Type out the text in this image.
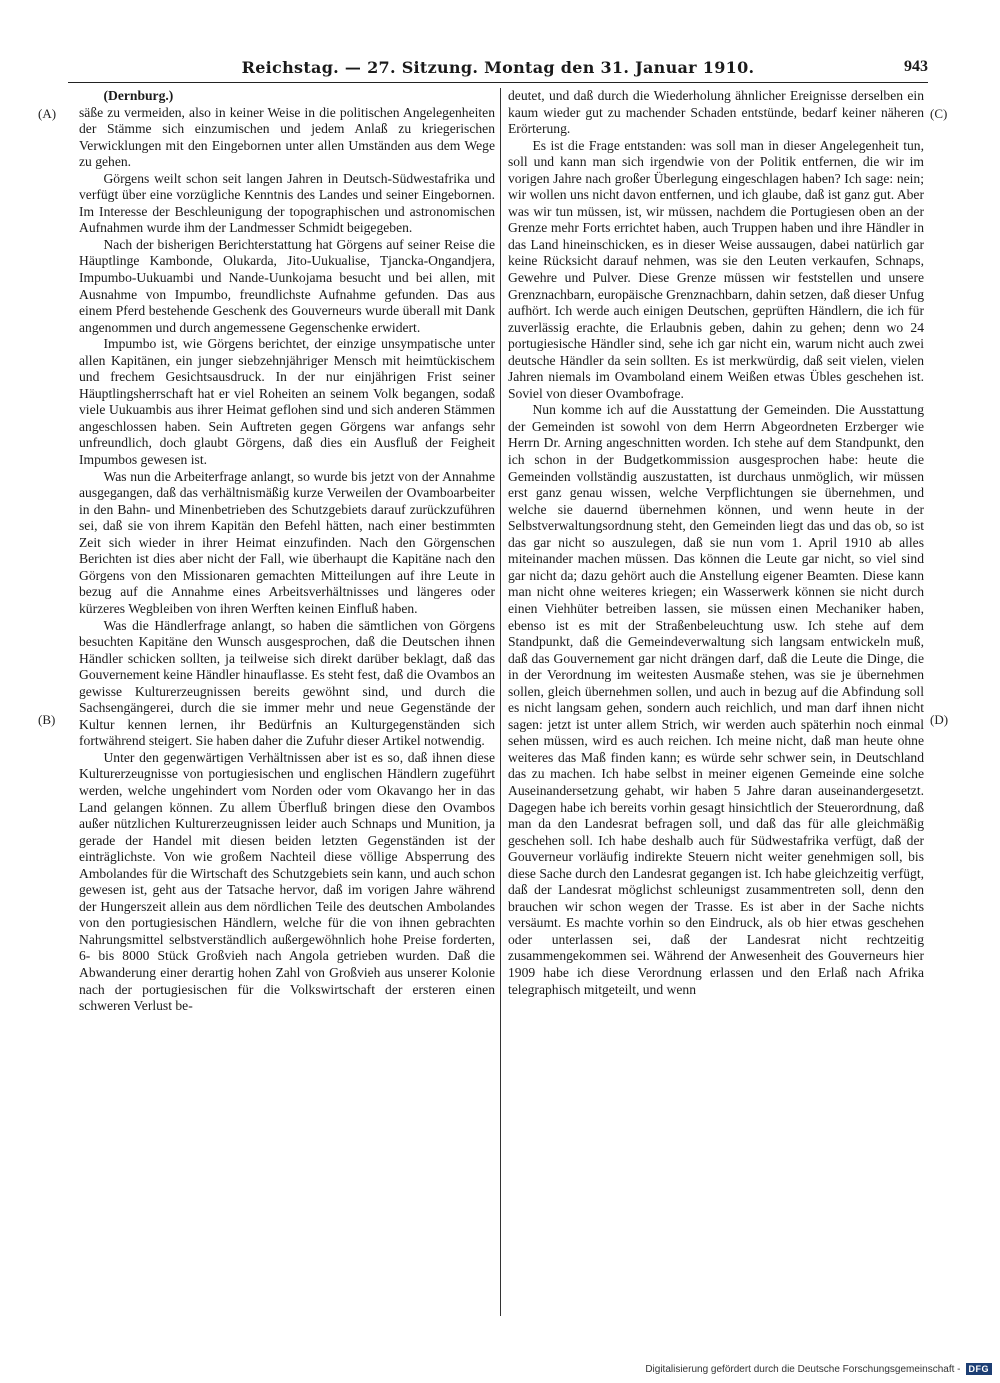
Reichstag. — 27. Sitzung. Montag den 31. Januar 1910.	943
(A)
(B)
(C)
(D)

(Dernburg.)

säße zu vermeiden, also in keiner Weise in die politischen Angelegenheiten der Stämme sich einzumischen und jedem Anlaß zu kriegerischen Verwicklungen mit den Eingebornen unter allen Umständen aus dem Wege zu gehen.

Görgens weilt schon seit langen Jahren in Deutsch-Südwestafrika und verfügt über eine vorzügliche Kenntnis des Landes und seiner Eingebornen. Im Interesse der Beschleunigung der topographischen und astronomischen Aufnahmen wurde ihm der Landmesser Schmidt beigegeben.

Nach der bisherigen Berichterstattung hat Görgens auf seiner Reise die Häuptlinge Kambonde, Olukarda, Jito-Uukualise, Tjancka-Ongandjera, Impumbo-Uukuambi und Nande-Uunkojama besucht und bei allen, mit Ausnahme von Impumbo, freundlichste Aufnahme gefunden. Das aus einem Pferd bestehende Geschenk des Gouverneurs wurde überall mit Dank angenommen und durch angemessene Gegenschenke erwidert.

Impumbo ist, wie Görgens berichtet, der einzige unsympatische unter allen Kapitänen, ein junger siebzehnjähriger Mensch mit heimtückischem und frechem Gesichtsausdruck. In der nur einjährigen Frist seiner Häuptlingsherrschaft hat er viel Roheiten an seinem Volk begangen, sodaß viele Uukuambis aus ihrer Heimat geflohen sind und sich anderen Stämmen angeschlossen haben. Sein Auftreten gegen Görgens war anfangs sehr unfreundlich, doch glaubt Görgens, daß dies ein Ausfluß der Feigheit Impumbos gewesen ist.

Was nun die Arbeiterfrage anlangt, so wurde bis jetzt von der Annahme ausgegangen, daß das verhältnismäßig kurze Verweilen der Ovamboarbeiter in den Bahn- und Minenbetrieben des Schutzgebiets darauf zurückzuführen sei, daß sie von ihrem Kapitän den Befehl hätten, nach einer bestimmten Zeit sich wieder in ihrer Heimat einzufinden. Nach den Görgenschen Berichten ist dies aber nicht der Fall, wie überhaupt die Kapitäne nach den Görgens von den Missionaren gemachten Mitteilungen auf ihre Leute in bezug auf die Annahme eines Arbeitsverhältnisses und längeres oder kürzeres Wegbleiben von ihren Werften keinen Einfluß haben.

Was die Händlerfrage anlangt, so haben die sämtlichen von Görgens besuchten Kapitäne den Wunsch ausgesprochen, daß die Deutschen ihnen Händler schicken sollten, ja teilweise sich direkt darüber beklagt, daß das Gouvernement keine Händler hinauflasse. Es steht fest, daß die Ovambos an gewisse Kulturerzeugnissen bereits gewöhnt sind, und durch die Sachsengängerei, durch die sie immer mehr und neue Gegenstände der Kultur kennen lernen, ihr Bedürfnis an Kulturgegenständen sich fortwährend steigert. Sie haben daher die Zufuhr dieser Artikel notwendig.

Unter den gegenwärtigen Verhältnissen aber ist es so, daß ihnen diese Kulturerzeugnisse von portugiesischen und englischen Händlern zugeführt werden, welche ungehindert vom Norden oder vom Okavango her in das Land gelangen können. Zu allem Überfluß bringen diese den Ovambos außer nützlichen Kulturerzeugnissen leider auch Schnaps und Munition, ja gerade der Handel mit diesen beiden letzten Gegenständen ist der einträglichste. Von wie großem Nachteil diese völlige Absperrung des Ambolandes für die Wirtschaft des Schutzgebiets sein kann, und auch schon gewesen ist, geht aus der Tatsache hervor, daß im vorigen Jahre während der Hungerszeit allein aus dem nördlichen Teile des deutschen Ambolandes von den portugiesischen Händlern, welche für die von ihnen gebrachten Nahrungsmittel selbstverständlich außergewöhnlich hohe Preise forderten, 6- bis 8000 Stück Großvieh nach Angola getrieben wurden. Daß die Abwanderung einer derartig hohen Zahl von Großvieh aus unserer Kolonie nach der portugiesischen für die Volkswirtschaft der ersteren einen schweren Verlust be-

deutet, und daß durch die Wiederholung ähnlicher Ereignisse derselben ein kaum wieder gut zu machender Schaden entstünde, bedarf keiner näheren Erörterung.

Es ist die Frage entstanden: was soll man in dieser Angelegenheit tun, soll und kann man sich irgendwie von der Politik entfernen, die wir im vorigen Jahre nach großer Überlegung eingeschlagen haben? Ich sage: nein; wir wollen uns nicht davon entfernen, und ich glaube, daß ist ganz gut. Aber was wir tun müssen, ist, wir müssen, nachdem die Portugiesen oben an der Grenze mehr Forts errichtet haben, auch Truppen haben und ihre Händler in das Land hineinschicken, es in dieser Weise aussaugen, dabei natürlich gar keine Rücksicht darauf nehmen, was sie den Leuten verkaufen, Schnaps, Gewehre und Pulver. Diese Grenze müssen wir feststellen und unsere Grenznachbarn, europäische Grenznachbarn, dahin setzen, daß dieser Unfug aufhört. Ich werde auch einigen Deutschen, geprüften Händlern, die ich für zuverlässig erachte, die Erlaubnis geben, dahin zu gehen; denn wo 24 portugiesische Händler sind, sehe ich gar nicht ein, warum nicht auch zwei deutsche Händler da sein sollten. Es ist merkwürdig, daß seit vielen, vielen Jahren niemals im Ovamboland einem Weißen etwas Übles geschehen ist. Soviel von dieser Ovambofrage.

Nun komme ich auf die Ausstattung der Gemeinden. Die Ausstattung der Gemeinden ist sowohl von dem Herrn Abgeordneten Erzberger wie Herrn Dr. Arning angeschnitten worden. Ich stehe auf dem Standpunkt, den ich schon in der Budgetkommission ausgesprochen habe: heute die Gemeinden vollständig auszustatten, ist durchaus unmöglich, wir müssen erst ganz genau wissen, welche Verpflichtungen sie übernehmen, und welche sie dauernd übernehmen können, und wenn heute in der Selbstverwaltungsordnung steht, den Gemeinden liegt das und das ob, so ist das gar nicht so auszulegen, daß sie nun vom 1. April 1910 ab alles miteinander machen müssen. Das können die Leute gar nicht, so viel sind gar nicht da; dazu gehört auch die Anstellung eigener Beamten. Diese kann man nicht ohne weiteres kriegen; ein Wasserwerk können sie nicht durch einen Viehhüter betreiben lassen, sie müssen einen Mechaniker haben, ebenso ist es mit der Straßenbeleuchtung usw. Ich stehe auf dem Standpunkt, daß die Gemeindeverwaltung sich langsam entwickeln muß, daß das Gouvernement gar nicht drängen darf, daß die Leute die Dinge, die in der Verordnung im weitesten Ausmaße stehen, was sie je übernehmen sollen, gleich übernehmen sollen, und auch in bezug auf die Abfindung soll es nicht langsam gehen, sondern auch reichlich, und man darf ihnen nicht sagen: jetzt ist unter allem Strich, wir werden auch späterhin noch einmal sehen müssen, wird es auch reichen. Ich meine nicht, daß man heute ohne weiteres das Maß finden kann; es würde sehr schwer sein, in Deutschland das zu machen. Ich habe selbst in meiner eigenen Gemeinde eine solche Auseinandersetzung gehabt, wir haben 5 Jahre daran auseinandergesetzt. Dagegen habe ich bereits vorhin gesagt hinsichtlich der Steuerordnung, daß man da den Landesrat befragen soll, und daß das für alle gleichmäßig geschehen soll. Ich habe deshalb auch für Südwestafrika verfügt, daß der Gouverneur vorläufig indirekte Steuern nicht weiter genehmigen soll, bis diese Sache durch den Landesrat gegangen ist. Ich habe gleichzeitig verfügt, daß der Landesrat möglichst schleunigst zusammentreten soll, denn den brauchen wir schon wegen der Trasse. Es ist aber in der Sache nichts versäumt. Es machte vorhin so den Eindruck, als ob hier etwas geschehen oder unterlassen sei, daß der Landesrat nicht rechtzeitig zusammengekommen sei. Während der Anwesenheit des Gouverneurs hier 1909 habe ich diese Verordnung erlassen und den Erlaß nach Afrika telegraphisch mitgeteilt, und wenn

Digitalisierung gefördert durch die Deutsche Forschungsgemeinschaft - DFG
